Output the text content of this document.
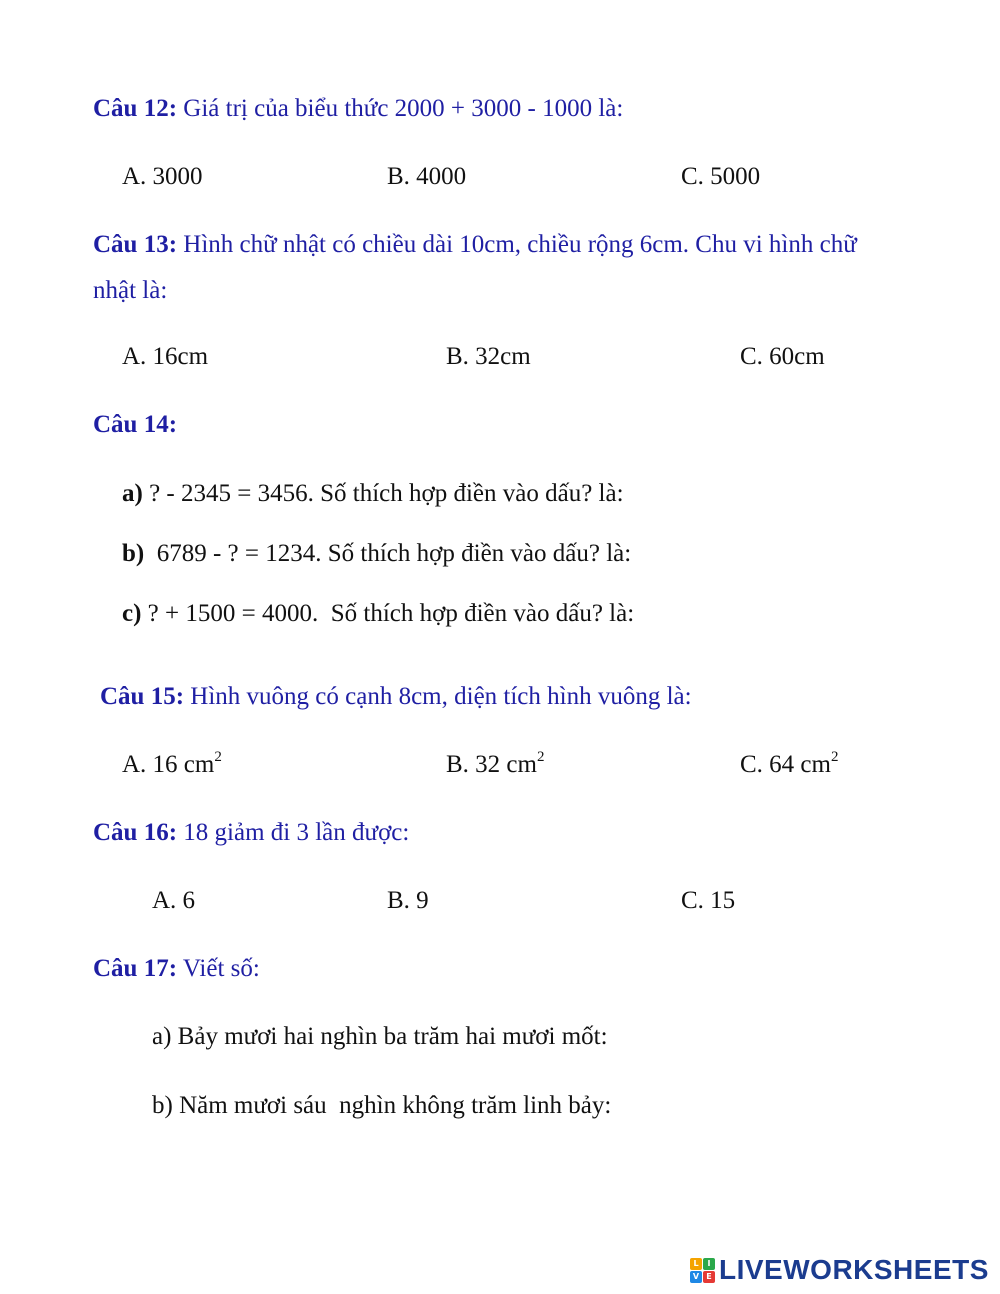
Câu 12: Giá trị của biểu thức 2000 + 3000 - 1000 là:
A. 3000	B. 4000	C. 5000
Câu 13: Hình chữ nhật có chiều dài 10cm, chiều rộng 6cm. Chu vi hình chữ
nhật là:
A. 16cm	B. 32cm	C. 60cm
Câu 14:
a) ? - 2345 = 3456. Số thích hợp điền vào dấu? là:
b)  6789 - ? = 1234. Số thích hợp điền vào dấu? là:
c) ? + 1500 = 4000.  Số thích hợp điền vào dấu? là:
Câu 15: Hình vuông có cạnh 8cm, diện tích hình vuông là:
A. 16 $cm^2$	B. 32 $cm^2$	C. 64 $cm^2$
Câu 16: 18 giảm đi 3 lần được:
A. 6	B. 9	C. 15
Câu 17: Viết số:
a) Bảy mươi hai nghìn ba trăm hai mươi mốt:
b) Năm mươi sáu  nghìn không trăm linh bảy:
L	I
V E LIVEWORKSHEETS
